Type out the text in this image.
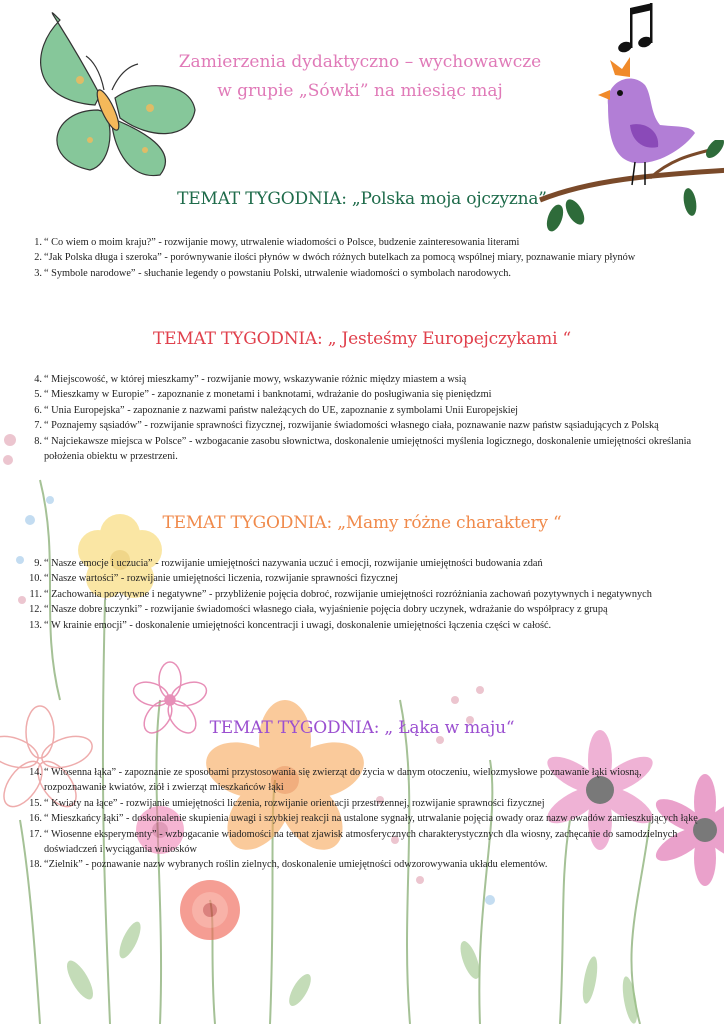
Zamierzenia dydaktyczno – wychowawcze
w grupie „Sówki” na miesiąc maj
TEMAT TYGODNIA: „Polska moja ojczyzna”
1. “ Co wiem o moim kraju?” - rozwijanie mowy, utrwalenie wiadomości o Polsce, budzenie zainteresowania literami
2. “Jak Polska długa i szeroka” - porównywanie ilości płynów w dwóch różnych butelkach za pomocą wspólnej miary, poznawanie miary płynów
3. “ Symbole narodowe” - słuchanie legendy o powstaniu Polski, utrwalenie wiadomości o symbolach narodowych.
TEMAT TYGODNIA: „ Jesteśmy Europejczykami “
4. “ Miejscowość, w której mieszkamy” - rozwijanie mowy, wskazywanie różnic między miastem a wsią
5. “ Mieszkamy w Europie” - zapoznanie z monetami i banknotami, wdrażanie do posługiwania się pieniędzmi
6. “ Unia Europejska” - zapoznanie z nazwami państw należących do UE, zapoznanie z symbolami Unii Europejskiej
7. “ Poznajemy sąsiadów” - rozwijanie sprawności fizycznej, rozwijanie świadomości własnego ciała, poznawanie nazw państw sąsiadujących z Polską
8. “ Najciekawsze miejsca w Polsce” - wzbogacanie zasobu słownictwa, doskonalenie umiejętności myślenia logicznego, doskonalenie umiejętności określania położenia obiektu w przestrzeni.
TEMAT TYGODNIA: „Mamy różne charaktery “
9. “ Nasze emocje i uczucia” - rozwijanie umiejętności nazywania uczuć i emocji, rozwijanie umiejętności budowania zdań
10. “ Nasze wartości” - rozwijanie umiejętności liczenia, rozwijanie sprawności fizycznej
11. “ Zachowania pozytywne i negatywne” - przybliżenie pojęcia dobroć, rozwijanie umiejętności rozróżniania zachowań pozytywnych i negatywnych
12. “ Nasze dobre uczynki” - rozwijanie świadomości własnego ciała, wyjaśnienie pojęcia dobry uczynek, wdrażanie do współpracy z grupą
13. “ W krainie emocji” - doskonalenie umiejętności koncentracji i uwagi, doskonalenie umiejętności łączenia części w całość.
TEMAT TYGODNIA: „ Łąka w maju“
14. “ Wiosenna łąka” - zapoznanie ze sposobami przystosowania się zwierząt do życia w danym otoczeniu, wielozmysłowe poznawanie łąki wiosną, rozpoznawanie kwiatów, ziół i zwierząt mieszkańców łąki
15. “ Kwiaty na łące” - rozwijanie umiejętności liczenia, rozwijanie orientacji przestrzennej, rozwijanie sprawności fizycznej
16. “ Mieszkańcy łąki” - doskonalenie skupienia uwagi i szybkiej reakcji na ustalone sygnały, utrwalanie pojęcia owady oraz nazw owadów zamieszkujących łąkę
17. “ Wiosenne eksperymenty” - wzbogacanie wiadomości na temat zjawisk atmosferycznych charakterystycznych dla wiosny, zachęcanie do samodzielnych doświadczeń i wyciągania wniosków
18. “Zielnik” - poznawanie nazw wybranych roślin zielnych, doskonalenie umiejętności odwzorowywania układu elementów.
